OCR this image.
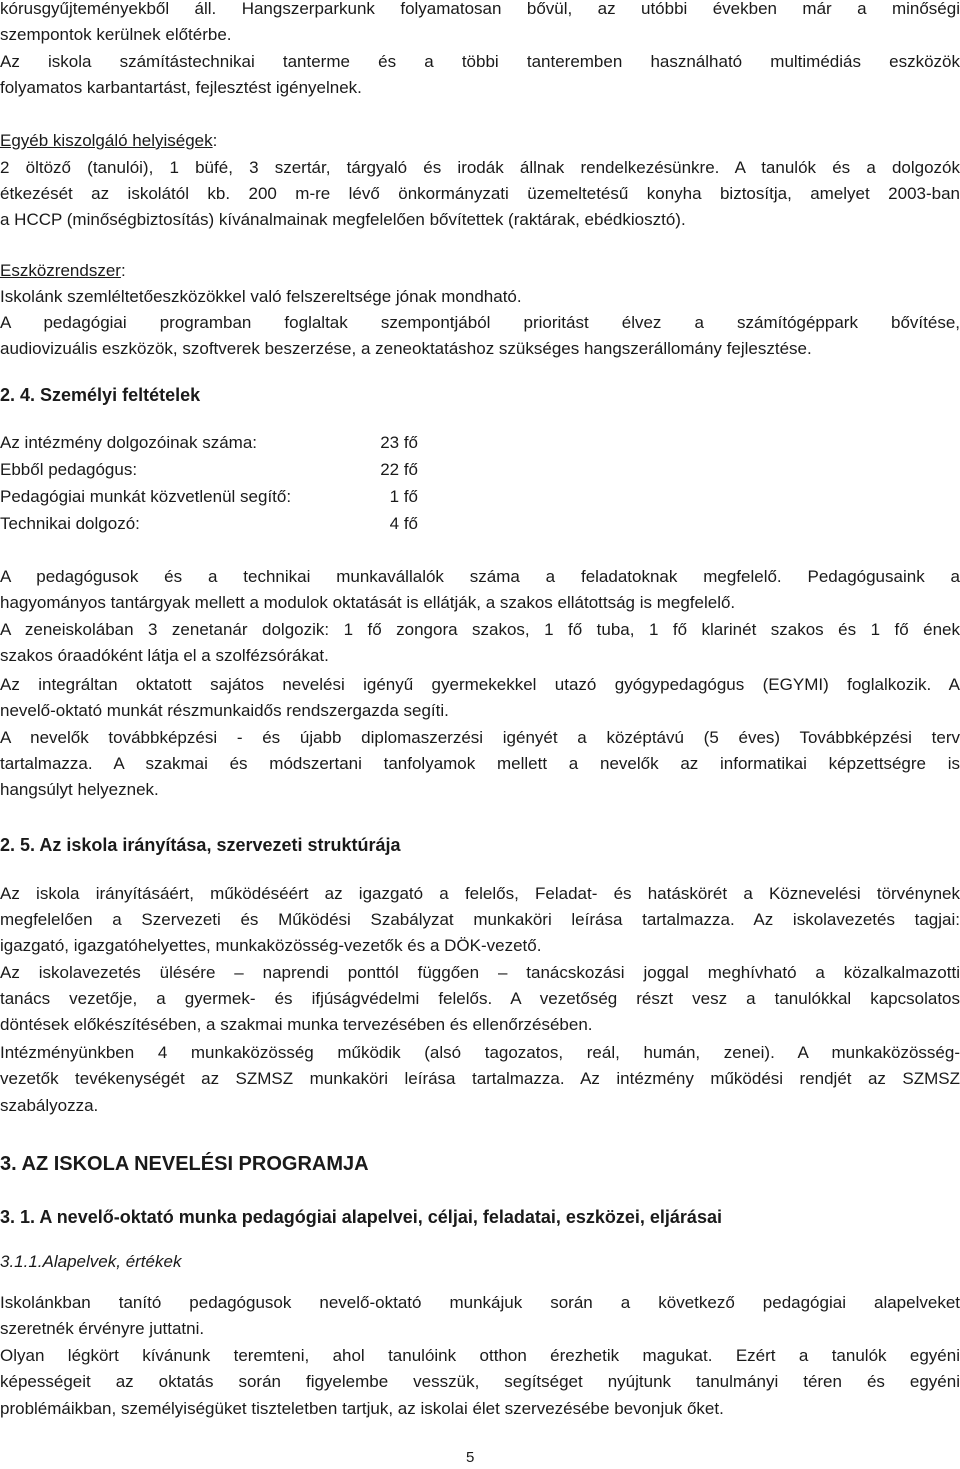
kórusgyűjteményekből áll. Hangszerparkunk folyamatosan bővül, az utóbbi években már a minőségi
szempontok kerülnek előtérbe.
Az iskola számítástechnikai tanterme és a többi tanteremben használható multimédiás eszközök
folyamatos karbantartást, fejlesztést igényelnek.
Egyéb kiszolgáló helyiségek:
2 öltöző (tanulói), 1 büfé, 3 szertár, tárgyaló és irodák állnak rendelkezésünkre. A tanulók és a dolgozók
étkezését az iskolától kb. 200 m-re lévő önkormányzati üzemeltetésű konyha biztosítja, amelyet 2003-ban
a HCCP (minőségbiztosítás) kívánalmainak megfelelően bővítettek (raktárak, ebédkiosztó).
Eszközrendszer:
Iskolánk szemléltetőeszközökkel való felszereltsége jónak mondható.
A pedagógiai programban foglaltak szempontjából prioritást élvez a számítógéppark bővítése,
audiovizuális eszközök, szoftverek beszerzése, a zeneoktatáshoz szükséges hangszerállomány fejlesztése.
2. 4. Személyi feltételek
Az intézmény dolgozóinak száma:	23 fő
Ebből pedagógus:	22 fő
Pedagógiai munkát közvetlenül segítő:	1 fő
Technikai dolgozó:	4 fő
A pedagógusok és a technikai munkavállalók száma a feladatoknak megfelelő. Pedagógusaink a
hagyományos tantárgyak mellett a modulok oktatását is ellátják, a szakos ellátottság is megfelelő.
A zeneiskolában 3 zenetanár dolgozik: 1 fő zongora szakos, 1 fő tuba, 1 fő klarinét szakos és 1 fő ének
szakos óraadóként látja el a szolfézsórákat.
Az integráltan oktatott sajátos nevelési igényű gyermekekkel utazó gyógypedagógus (EGYMI) foglalkozik. A
nevelő-oktató munkát részmunkaidős rendszergazda segíti.
A nevelők továbbképzési - és újabb diplomaszerzési igényét a középtávú (5 éves) Továbbképzési terv
tartalmazza. A szakmai és módszertani tanfolyamok mellett a nevelők az informatikai képzettségre is
hangsúlyt helyeznek.
2. 5. Az iskola irányítása, szervezeti struktúrája
Az iskola irányításáért, működéséért az igazgató a felelős, Feladat- és hatáskörét a Köznevelési törvénynek
megfelelően a Szervezeti és Működési Szabályzat munkaköri leírása tartalmazza. Az iskolavezetés tagjai:
igazgató, igazgatóhelyettes, munkaközösség-vezetők és a DÖK-vezető.
Az iskolavezetés ülésére – naprendi ponttól függően – tanácskozási joggal meghívható a közalkalmazotti
tanács vezetője, a gyermek- és ifjúságvédelmi felelős. A vezetőség részt vesz a tanulókkal kapcsolatos
döntések előkészítésében, a szakmai munka tervezésében és ellenőrzésében.
Intézményünkben 4 munkaközösség működik (alsó tagozatos, reál, humán, zenei). A munkaközösség-
vezetők tevékenységét az SZMSZ munkaköri leírása tartalmazza. Az intézmény működési rendjét az SZMSZ
szabályozza.
3. AZ ISKOLA NEVELÉSI PROGRAMJA
3. 1. A nevelő-oktató munka pedagógiai alapelvei, céljai, feladatai, eszközei, eljárásai
3.1.1.Alapelvek, értékek
Iskolánkban tanító pedagógusok nevelő-oktató munkájuk során a következő pedagógiai alapelveket
szeretnék érvényre juttatni.
Olyan légkört kívánunk teremteni, ahol tanulóink otthon érezhetik magukat. Ezért a tanulók egyéni
képességeit az oktatás során figyelembe vesszük, segítséget nyújtunk tanulmányi téren és egyéni
problémáikban, személyiségüket tiszteletben tartjuk, az iskolai élet szervezésébe bevonjuk őket.
5
